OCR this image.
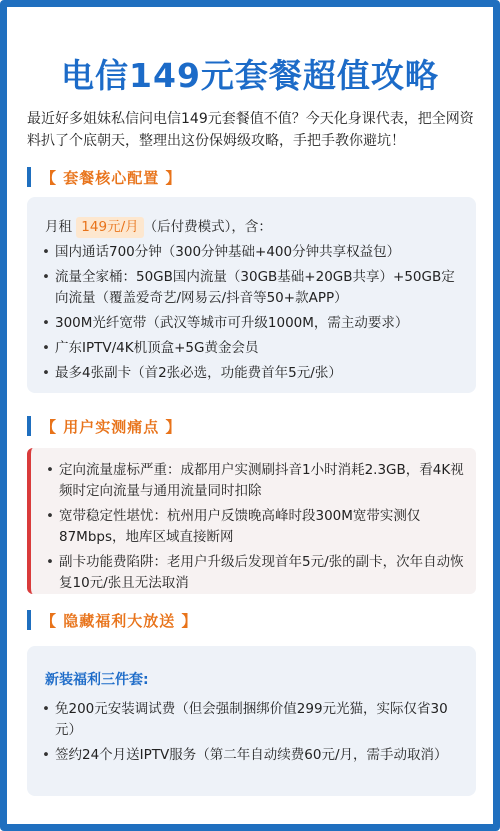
电信149元套餐超值攻略
最近好多姐妹私信问电信149元套餐值不值？今天化身课代表，把全网资料扒了个底朝天，整理出这份保姆级攻略，手把手教你避坑！
【 套餐核心配置 】
月租 149元/月 （后付费模式），含：
• 国内通话700分钟（300分钟基础+400分钟共享权益包）
• 流量全家桶：50GB国内流量（30GB基础+20GB共享）+50GB定向流量（覆盖爱奇艺/网易云/抖音等50+款APP）
• 300M光纤宽带（武汉等城市可升级1000M，需主动要求）
• 广东IPTV/4K机顶盒+5G黄金会员
• 最多4张副卡（首2张必选，功能费首年5元/张）
【 用户实测痛点 】
• 定向流量虚标严重：成都用户实测刷抖音1小时消耗2.3GB，看4K视频时定向流量与通用流量同时扣除
• 宽带稳定性堪忧：杭州用户反馈晚高峰时段300M宽带实测仅87Mbps，地库区域直接断网
• 副卡功能费陷阱：老用户升级后发现首年5元/张的副卡，次年自动恢复10元/张且无法取消
【 隐藏福利大放送 】
新装福利三件套:
• 免200元安装调试费（但会强制捆绑价值299元光猫，实际仅省30元）
• 签约24个月送IPTV服务（第二年自动续费60元/月，需手动取消）
